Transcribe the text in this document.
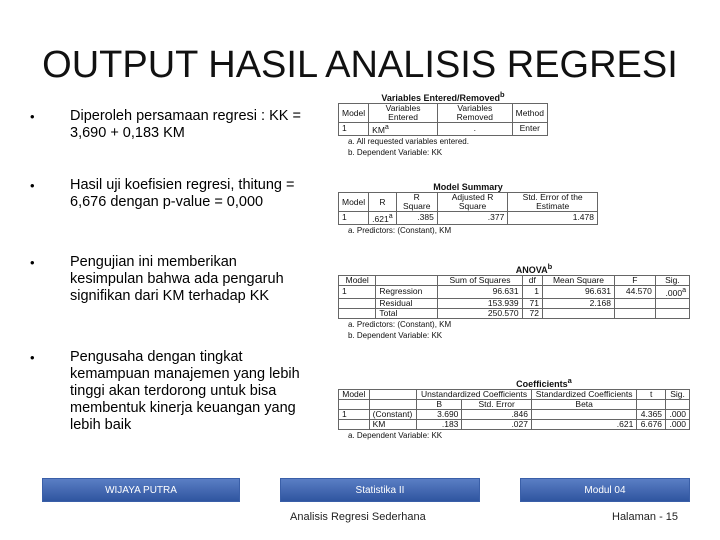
OUTPUT HASIL ANALISIS REGRESI
• Diperoleh persamaan regresi : KK = 3,690 + 0,183 KM
• Hasil uji koefisien regresi, thitung = 6,676 dengan p-value = 0,000
• Pengujian ini memberikan kesimpulan bahwa ada pengaruh signifikan dari KM terhadap KK
• Pengusaha dengan tingkat kemampuan manajemen yang lebih tinggi akan terdorong untuk bisa membentuk kinerja keuangan yang lebih baik
Variables Entered/Removed$^b$
Model	Variables Entered	Variables Removed	Method
1	$KM^a$	.	Enter
a. All requested variables entered.
b. Dependent Variable: KK
Model Summary
Model	R	R Square	Adjusted R Square	Std. Error of the Estimate
1	.621$^a$	.385	.377	1.478
a. Predictors: (Constant), KM
ANOVA$^b$
Model		Sum of Squares	df	Mean Square	F	Sig.
1	Regression	96.631	1	96.631	44.570	.000$^a$
	Residual	153.939	71	2.168		
	Total	250.570	72			
a. Predictors: (Constant), KM
b. Dependent Variable: KK
Coefficients$^a$
Model		Unstandardized Coefficients		Standardized Coefficients	t	Sig.
		B	Std. Error	Beta		
1	(Constant)	3.690	.846		4.365	.000
	KM	.183	.027	.621	6.676	.000
a. Dependent Variable: KK
WIJAYA PUTRA	Statistika II	Modul 04
Analisis Regresi Sederhana	Halaman - 15
